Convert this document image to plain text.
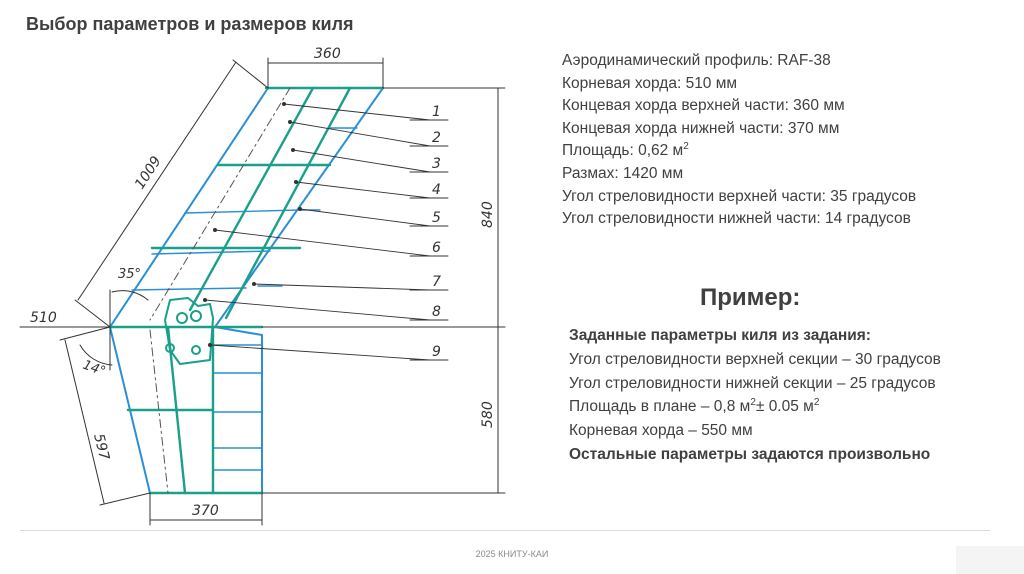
Выбор параметров и размеров киля
360
370
510
1009
597
840
580
35°
14°
1
2
3
4
5
6
7
8
9
Аэродинамический профиль: RAF-38
Корневая хорда: 510 мм
Концевая хорда верхней части: 360 мм
Концевая хорда нижней части: 370 мм
Площадь: 0,62 $м^2$
Размах: 1420 мм
Угол стреловидности верхней части: 35 градусов
Угол стреловидности нижней части: 14 градусов
Пример:
Заданные параметры киля из задания:
Угол стреловидности верхней секции – 30 градусов
Угол стреловидности нижней секции – 25 градусов
Площадь в плане – 0,8 $м^2\pm 0.05$ $м^2$
Корневая хорда – 550 мм
Остальные параметры задаются произвольно
2025 КНИТУ-КАИ
